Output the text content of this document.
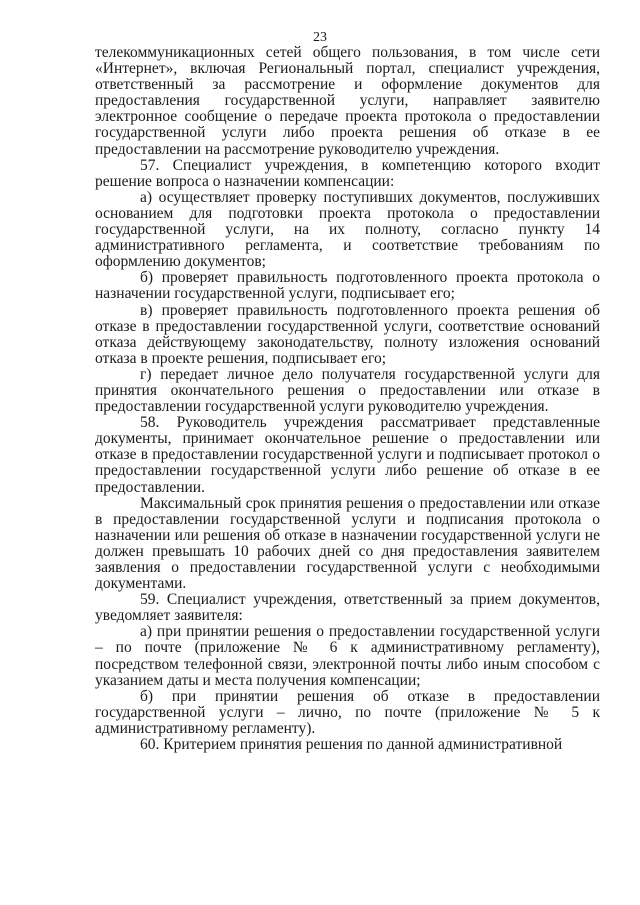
23

телекоммуникационных сетей общего пользования, в том числе сети «Интернет», включая Региональный портал, специалист учреждения, ответственный за рассмотрение и оформление документов для предоставления государственной услуги, направляет заявителю электронное сообщение о передаче проекта протокола о предоставлении государственной услуги либо проекта решения об отказе в ее предоставлении на рассмотрение руководителю учреждения.

57. Специалист учреждения, в компетенцию которого входит решение вопроса о назначении компенсации:

а) осуществляет проверку поступивших документов, послуживших основанием для подготовки проекта протокола о предоставлении государственной услуги, на их полноту, согласно пункту 14 административного регламента, и соответствие требованиям по оформлению документов;

б) проверяет правильность подготовленного проекта протокола о назначении государственной услуги, подписывает его;

в) проверяет правильность подготовленного проекта решения об отказе в предоставлении государственной услуги, соответствие оснований отказа действующему законодательству, полноту изложения оснований отказа в проекте решения, подписывает его;

г) передает личное дело получателя государственной услуги для принятия окончательного решения о предоставлении или отказе в предоставлении государственной услуги руководителю учреждения.

58. Руководитель учреждения рассматривает представленные документы, принимает окончательное решение о предоставлении или отказе в предоставлении государственной услуги и подписывает протокол о предоставлении государственной услуги либо решение об отказе в ее предоставлении.

Максимальный срок принятия решения о предоставлении или отказе в предоставлении государственной услуги и подписания протокола о назначении или решения об отказе в назначении государственной услуги не должен превышать 10 рабочих дней со дня предоставления заявителем заявления о предоставлении государственной услуги с необходимыми документами.

59. Специалист учреждения, ответственный за прием документов, уведомляет заявителя:

а) при принятии решения о предоставлении государственной услуги – по почте (приложение № 6 к административному регламенту), посредством телефонной связи, электронной почты либо иным способом с указанием даты и места получения компенсации;

б) при принятии решения об отказе в предоставлении государственной услуги – лично, по почте (приложение № 5 к административному регламенту).

60. Критерием принятия решения по данной административной
